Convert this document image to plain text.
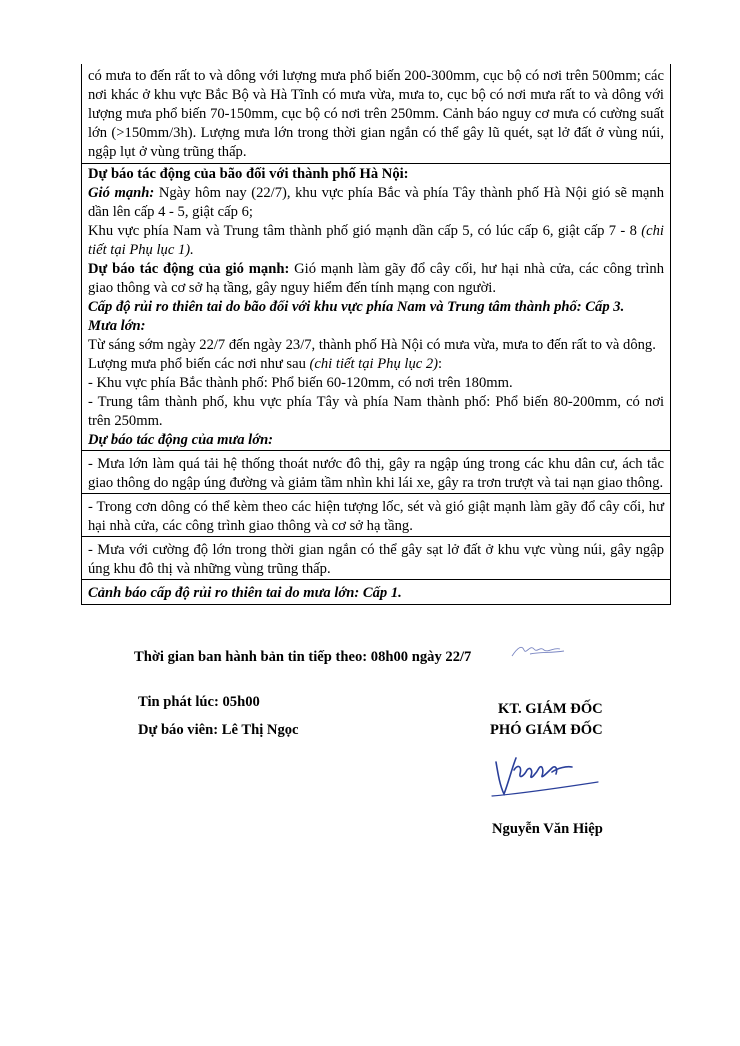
có mưa to đến rất to và dông với lượng mưa phổ biến 200-300mm, cục bộ có nơi trên 500mm; các nơi khác ở khu vực Bắc Bộ và Hà Tĩnh có mưa vừa, mưa to, cục bộ có nơi mưa rất to và dông với lượng mưa phổ biến 70-150mm, cục bộ có nơi trên 250mm. Cảnh báo nguy cơ mưa có cường suất lớn (>150mm/3h). Lượng mưa lớn trong thời gian ngắn có thể gây lũ quét, sạt lở đất ở vùng núi, ngập lụt ở vùng trũng thấp.

Dự báo tác động của bão đối với thành phố Hà Nội:

Gió mạnh: Ngày hôm nay (22/7), khu vực phía Bắc và phía Tây thành phố Hà Nội gió sẽ mạnh dần lên cấp 4 - 5, giật cấp 6;

Khu vực phía Nam và Trung tâm thành phố gió mạnh dần cấp 5, có lúc cấp 6, giật cấp 7 - 8 (chi tiết tại Phụ lục 1).

Dự báo tác động của gió mạnh: Gió mạnh làm gãy đổ cây cối, hư hại nhà cửa, các công trình giao thông và cơ sở hạ tầng, gây nguy hiểm đến tính mạng con người.

Cấp độ rủi ro thiên tai do bão đối với khu vực phía Nam và Trung tâm thành phố: Cấp 3.

Mưa lớn:

Từ sáng sớm ngày 22/7 đến ngày 23/7, thành phố Hà Nội có mưa vừa, mưa to đến rất to và dông.

Lượng mưa phổ biến các nơi như sau (chi tiết tại Phụ lục 2):

- Khu vực phía Bắc thành phố: Phổ biến 60-120mm, có nơi trên 180mm.

- Trung tâm thành phố, khu vực phía Tây và phía Nam thành phố: Phổ biến 80-200mm, có nơi trên 250mm.

Dự báo tác động của mưa lớn:

- Mưa lớn làm quá tải hệ thống thoát nước đô thị, gây ra ngập úng trong các khu dân cư, ách tắc giao thông do ngập úng đường và giảm tầm nhìn khi lái xe, gây ra trơn trượt và tai nạn giao thông.

- Trong cơn dông có thể kèm theo các hiện tượng lốc, sét và gió giật mạnh làm gãy đổ cây cối, hư hại nhà cửa, các công trình giao thông và cơ sở hạ tầng.

- Mưa với cường độ lớn trong thời gian ngắn có thể gây sạt lở đất ở khu vực vùng núi, gây ngập úng khu đô thị và những vùng trũng thấp.

Cảnh báo cấp độ rủi ro thiên tai do mưa lớn: Cấp 1.

Thời gian ban hành bản tin tiếp theo: 08h00 ngày 22/7
Tin phát lúc: 05h00
Dự báo viên: Lê Thị Ngọc
KT. GIÁM ĐỐC
PHÓ GIÁM ĐỐC
Nguyễn Văn Hiệp
